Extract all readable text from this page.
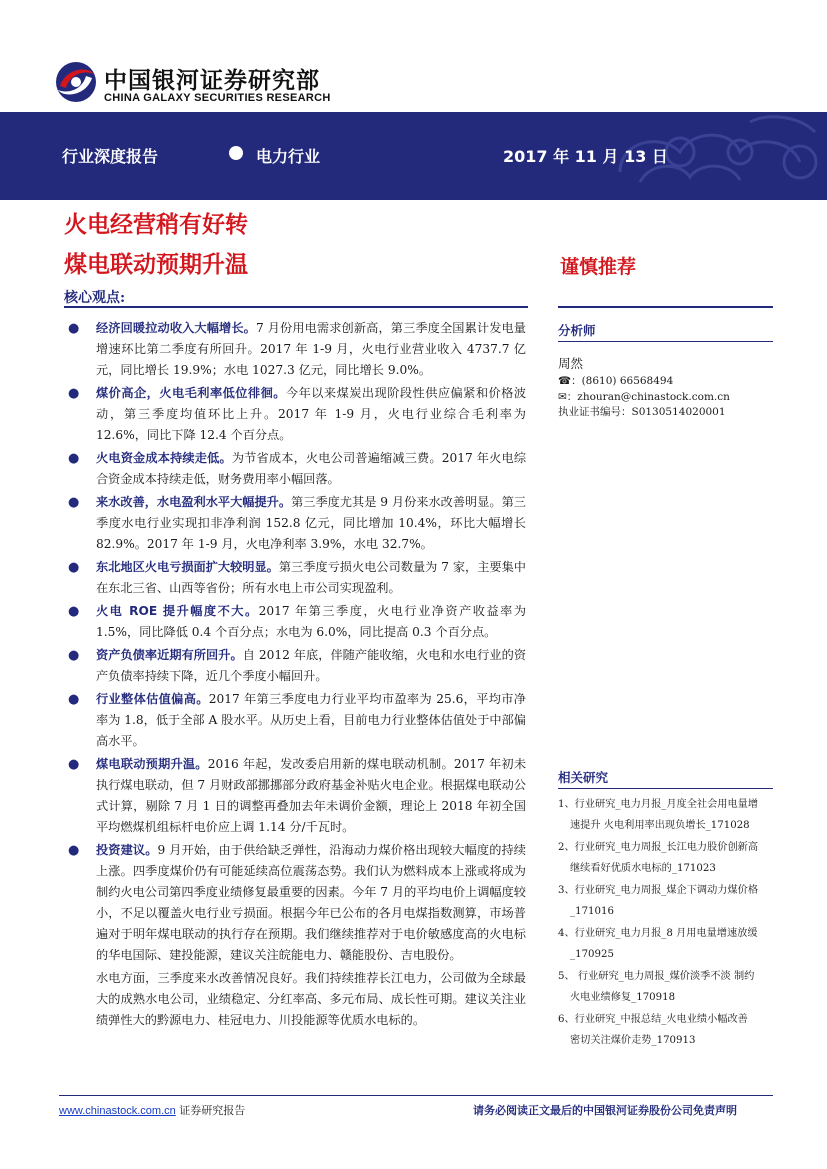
中国银河证券研究部
CHINA GALAXY SECURITIES RESEARCH
行业深度报告	电力行业	2017 年 11 月 13 日
火电经营稍有好转
煤电联动预期升温	谨慎推荐
核心观点:
● 经济回暖拉动收入大幅增长。7 月份用电需求创新高，第三季度全国累计发电量增速环比第二季度有所回升。2017 年 1-9 月，火电行业营业收入 4737.7 亿元，同比增长 19.9%；水电 1027.3 亿元，同比增长 9.0%。
● 煤价高企，火电毛利率低位徘徊。今年以来煤炭出现阶段性供应偏紧和价格波动，第三季度均值环比上升。2017 年 1-9 月，火电行业综合毛利率为 12.6%，同比下降 12.4 个百分点。
● 火电资金成本持续走低。为节省成本，火电公司普遍缩减三费。2017 年火电综合资金成本持续走低，财务费用率小幅回落。
● 来水改善，水电盈利水平大幅提升。第三季度尤其是 9 月份来水改善明显。第三季度水电行业实现扣非净利润 152.8 亿元，同比增加 10.4%，环比大幅增长 82.9%。2017 年 1-9 月，火电净利率 3.9%，水电 32.7%。
● 东北地区火电亏损面扩大较明显。第三季度亏损火电公司数量为 7 家，主要集中在东北三省、山西等省份；所有水电上市公司实现盈利。
● 火电 ROE 提升幅度不大。2017 年第三季度，火电行业净资产收益率为 1.5%，同比降低 0.4 个百分点；水电为 6.0%，同比提高 0.3 个百分点。
● 资产负债率近期有所回升。自 2012 年底，伴随产能收缩，火电和水电行业的资产负债率持续下降，近几个季度小幅回升。
● 行业整体估值偏高。2017 年第三季度电力行业平均市盈率为 25.6，平均市净率为 1.8，低于全部 A 股水平。从历史上看，目前电力行业整体估值处于中部偏高水平。
● 煤电联动预期升温。2016 年起，发改委启用新的煤电联动机制。2017 年初未执行煤电联动，但 7 月财政部挪挪部分政府基金补贴火电企业。根据煤电联动公式计算，剔除 7 月 1 日的调整再叠加去年未调价金额，理论上 2018 年初全国平均燃煤机组标杆电价应上调 1.14 分/千瓦时。
● 投资建议。9 月开始，由于供给缺乏弹性，沿海动力煤价格出现较大幅度的持续上涨。四季度煤价仍有可能延续高位震荡态势。我们认为燃料成本上涨或将成为制约火电公司第四季度业绩修复最重要的因素。今年 7 月的平均电价上调幅度较小，不足以覆盖火电行业亏损面。根据今年已公布的各月电煤指数测算，市场普遍对于明年煤电联动的执行存在预期。我们继续推荐对于电价敏感度高的火电标的华电国际、建投能源，建议关注皖能电力、赣能股份、吉电股份。
水电方面，三季度来水改善情况良好。我们持续推荐长江电力，公司做为全球最大的成熟水电公司，业绩稳定、分红率高、多元布局、成长性可期。建议关注业绩弹性大的黔源电力、桂冠电力、川投能源等优质水电标的。
分析师
周然
☎：(8610) 66568494
✉：zhouran@chinastock.com.cn
执业证书编号：S0130514020001
相关研究
1、行业研究_电力月报_月度全社会用电量增
速提升 火电利用率出现负增长_171028
2、行业研究_电力周报_长江电力股价创新高
继续看好优质水电标的_171023
3、行业研究_电力周报_煤企下调动力煤价格
_171016
4、行业研究_电力月报_8 月用电量增速放缓
_170925
5、 行业研究_电力周报_煤价淡季不淡 制约
火电业绩修复_170918
6、行业研究_中报总结_火电业绩小幅改善
密切关注煤价走势_170913
www.chinastock.com.cn 证券研究报告	请务必阅读正文最后的中国银河证券股份公司免责声明
